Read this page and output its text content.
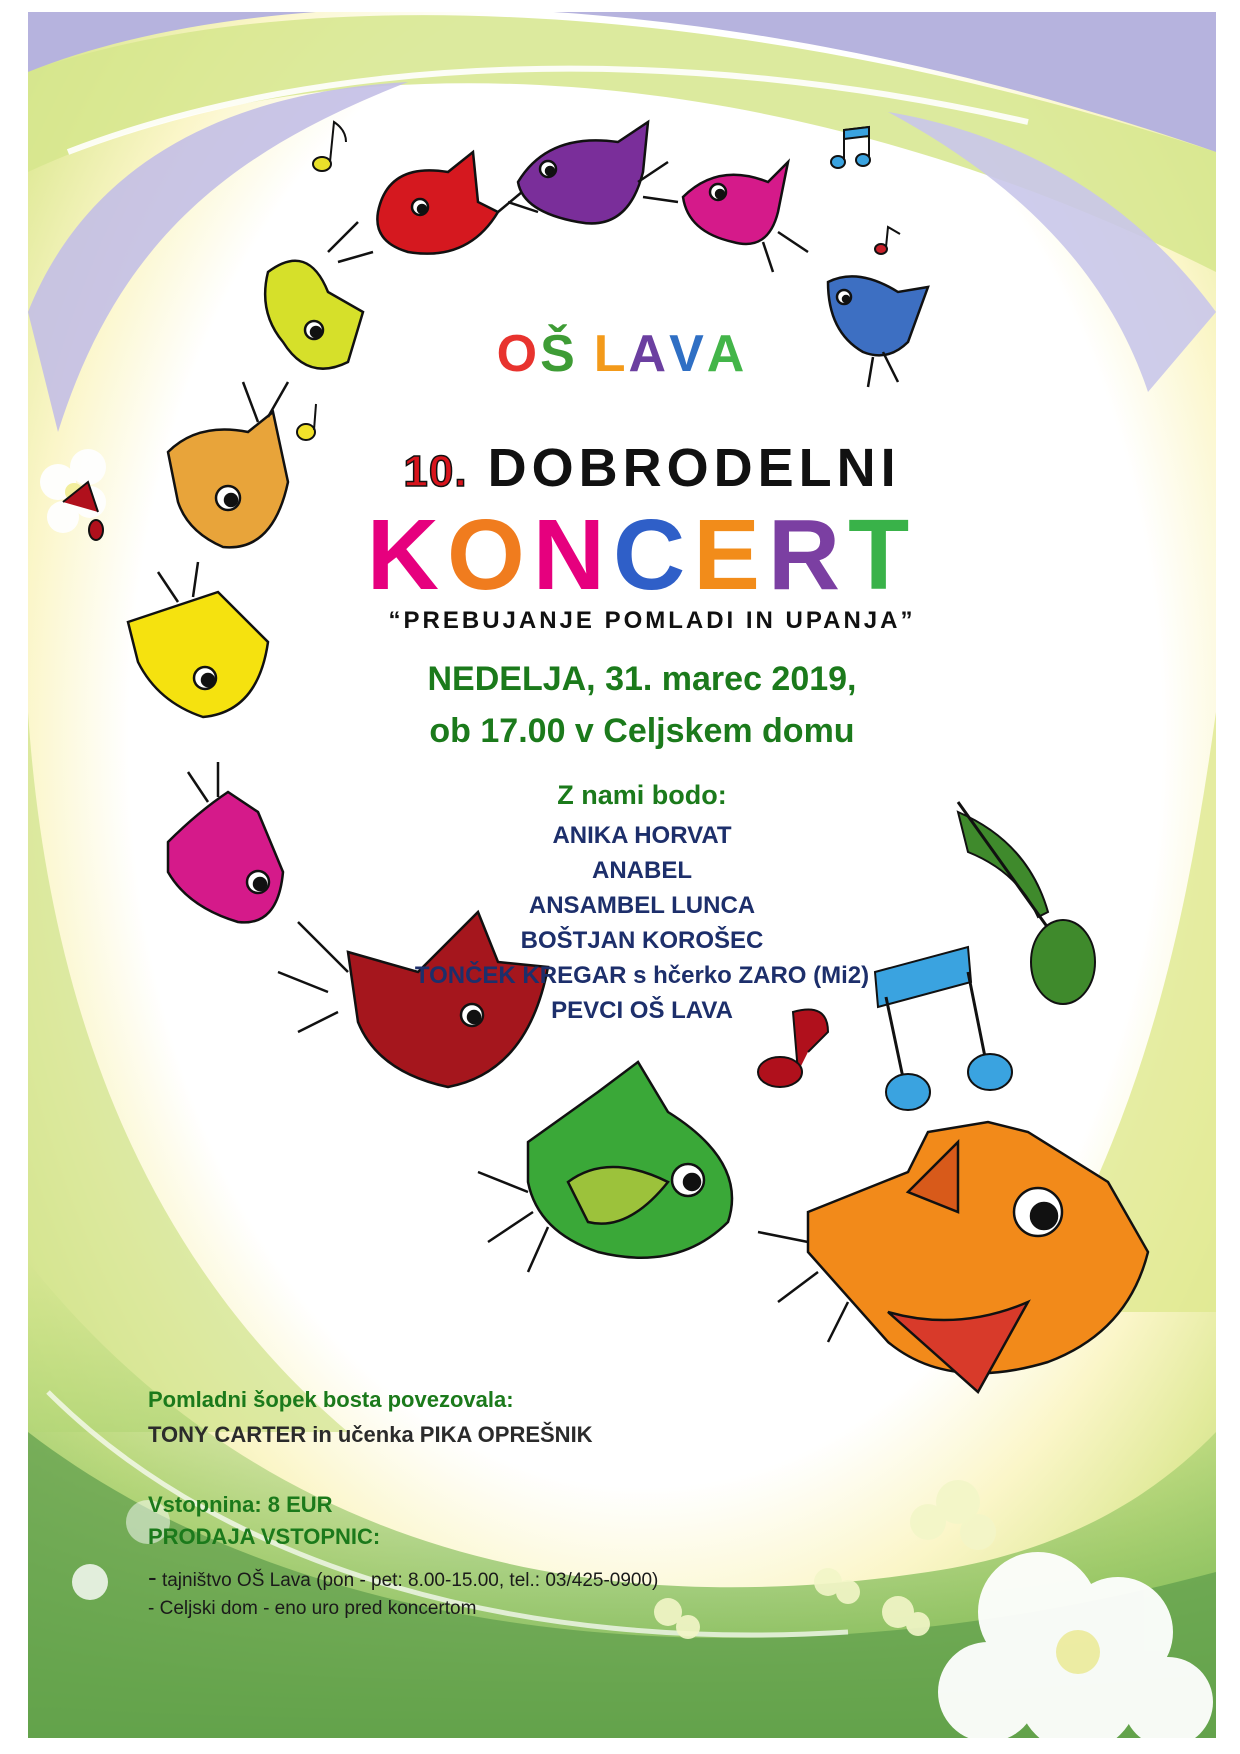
OŠ LAVA

10. DOBRODELNI

KONCERT

“PREBUJANJE POMLADI IN UPANJA”

NEDELJA, 31. marec 2019,

ob 17.00 v Celjskem domu

Z nami bodo:

ANIKA HORVAT

ANABEL

ANSAMBEL LUNCA

BOŠTJAN KOROŠEC

TONČEK KREGAR s hčerko ZARO (Mi2)

PEVCI OŠ LAVA

Pomladni šopek bosta povezovala:

TONY CARTER in učenka PIKA OPREŠNIK

Vstopnina: 8 EUR

PRODAJA VSTOPNIC:

- tajništvo OŠ Lava (pon - pet: 8.00-15.00, tel.: 03/425-0900)

- Celjski dom - eno uro pred koncertom
